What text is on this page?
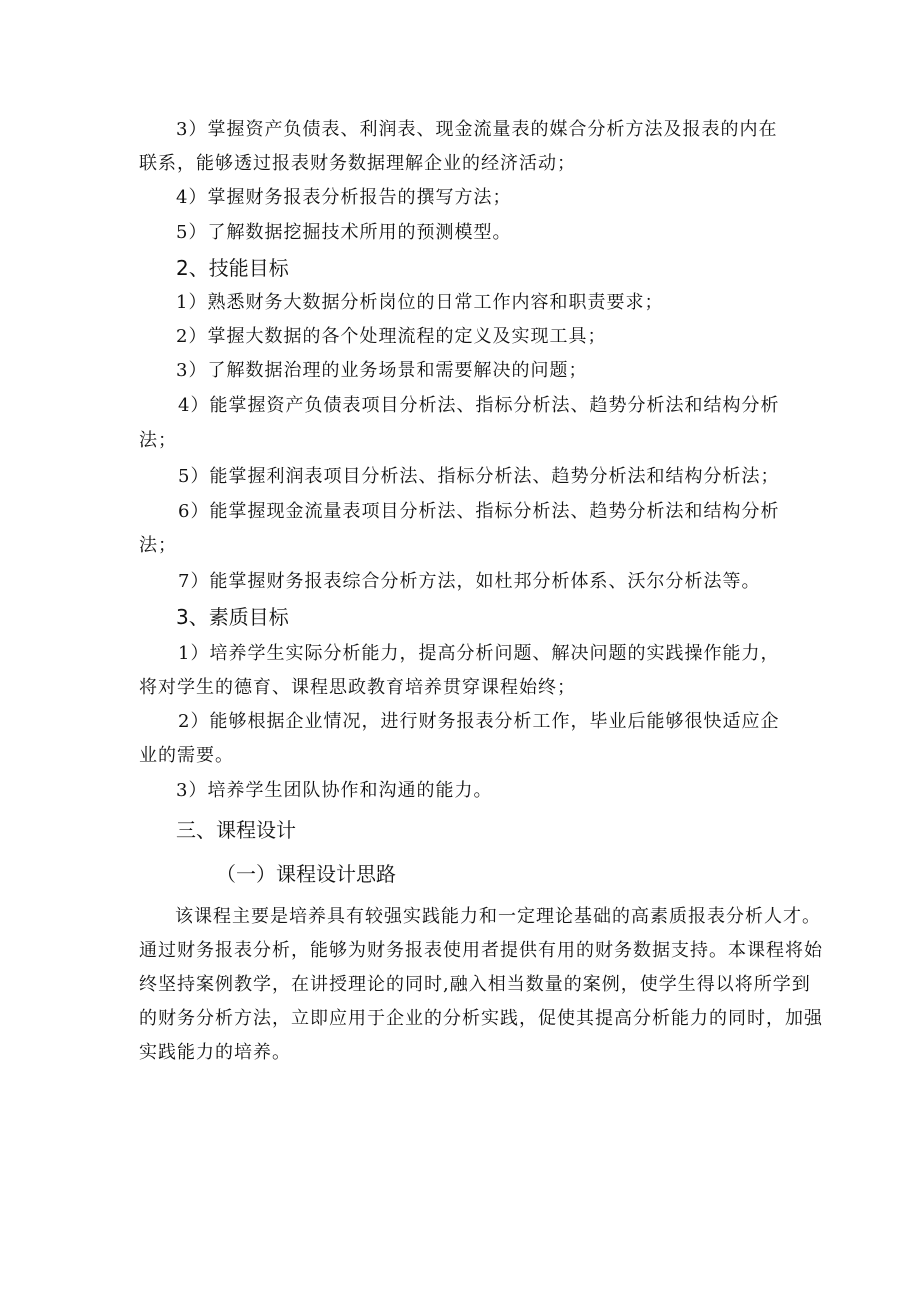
3）掌握资产负债表、利润表、现金流量表的媒合分析方法及报表的内在
联系，能够透过报表财务数据理解企业的经济活动；
4）掌握财务报表分析报告的撰写方法；
5）了解数据挖掘技术所用的预测模型。
2、技能目标
1）熟悉财务大数据分析岗位的日常工作内容和职责要求；
2）掌握大数据的各个处理流程的定义及实现工具；
3）了解数据治理的业务场景和需要解决的问题；
4）能掌握资产负债表项目分析法、指标分析法、趋势分析法和结构分析
法；
5）能掌握利润表项目分析法、指标分析法、趋势分析法和结构分析法；
6）能掌握现金流量表项目分析法、指标分析法、趋势分析法和结构分析
法；
7）能掌握财务报表综合分析方法，如杜邦分析体系、沃尔分析法等。
3、素质目标
1）培养学生实际分析能力，提高分析问题、解决问题的实践操作能力，
将对学生的德育、课程思政教育培养贯穿课程始终；
2）能够根据企业情况，进行财务报表分析工作，毕业后能够很快适应企
业的需要。
3）培养学生团队协作和沟通的能力。
三、课程设计
（一）课程设计思路
该课程主要是培养具有较强实践能力和一定理论基础的高素质报表分析人才。通过财务报表分析，能够为财务报表使用者提供有用的财务数据支持。本课程将始终坚持案例教学，在讲授理论的同时,融入相当数量的案例，使学生得以将所学到的财务分析方法，立即应用于企业的分析实践，促使其提高分析能力的同时，加强实践能力的培养。
